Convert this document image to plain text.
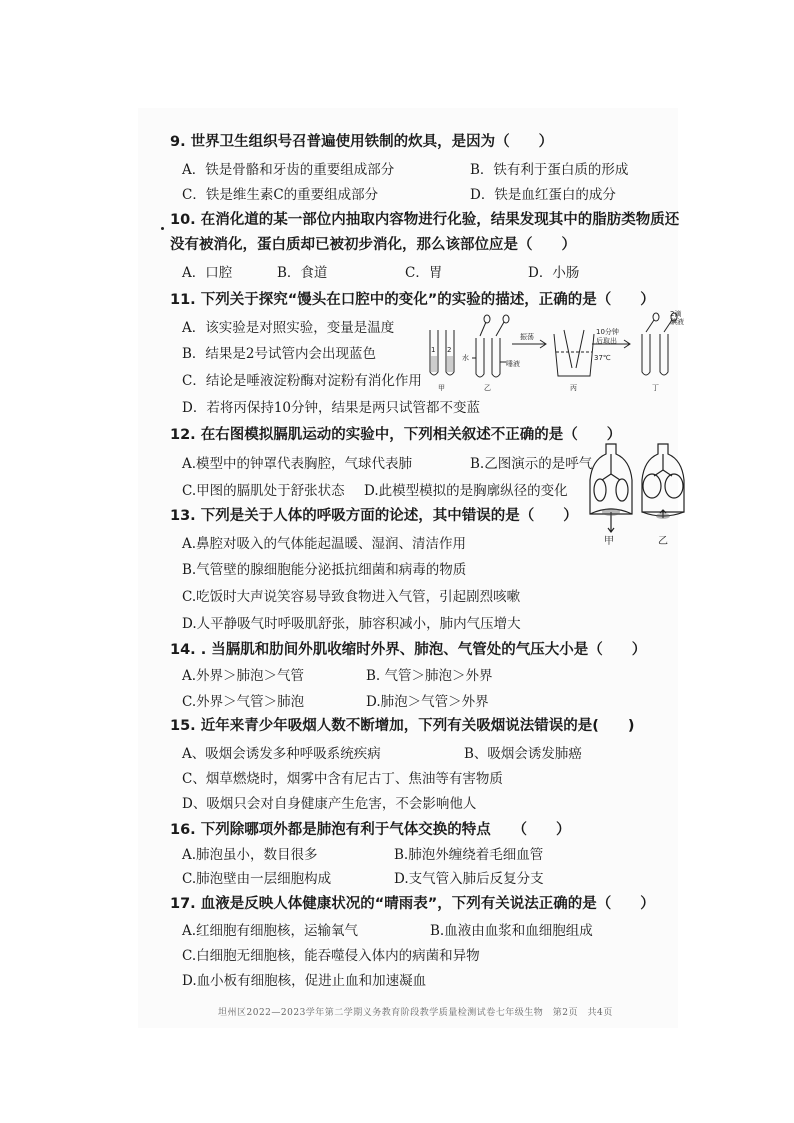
9. 世界卫生组织号召普遍使用铁制的炊具，是因为（　　）
A．铁是骨骼和牙齿的重要组成部分	B．铁有利于蛋白质的形成
C．铁是维生素C的重要组成部分	D．铁是血红蛋白的成分
10. 在消化道的某一部位内抽取内容物进行化验，结果发现其中的脂肪类物质还
没有被消化，蛋白质却已被初步消化，那么该部位应是（　　）
A．口腔	B．食道	C．胃	D．小肠
11. 下列关于探究“馒头在口腔中的变化”的实验的描述，正确的是（　　）
A．该实验是对照实验，变量是温度
B．结果是2号试管内会出现蓝色
C．结论是唾液淀粉酶对淀粉有消化作用
D．若将丙保持10分钟，结果是两只试管都不变蓝
1 2
水
唾液
振荡
10分钟
后取出
37℃
2滴
碘液
甲	乙	丙	丁
12. 在右图模拟膈肌运动的实验中，下列相关叙述不正确的是（　　）
A.模型中的钟罩代表胸腔，气球代表肺	B.乙图演示的是呼气
C.甲图的膈肌处于舒张状态 D.此模型模拟的是胸廓纵径的变化
甲	乙
13. 下列是关于人体的呼吸方面的论述，其中错误的是（　　）
A.鼻腔对吸入的气体能起温暖、湿润、清洁作用
B.气管壁的腺细胞能分泌抵抗细菌和病毒的物质
C.吃饭时大声说笑容易导致食物进入气管，引起剧烈咳嗽
D.人平静吸气时呼吸肌舒张，肺容积减小，肺内气压增大
14. . 当膈肌和肋间外肌收缩时外界、肺泡、气管处的气压大小是（　　）
A.外界＞肺泡＞气管	B. 气管＞肺泡＞外界
C.外界＞气管＞肺泡	D.肺泡＞气管＞外界
15. 近年来青少年吸烟人数不断增加，下列有关吸烟说法错误的是(　　)
A、吸烟会诱发多种呼吸系统疾病	B、吸烟会诱发肺癌
C、烟草燃烧时，烟雾中含有尼古丁、焦油等有害物质
D、吸烟只会对自身健康产生危害，不会影响他人
16. 下列除哪项外都是肺泡有利于气体交换的特点　　（　　）
A.肺泡虽小，数目很多	B.肺泡外缠绕着毛细血管
C.肺泡壁由一层细胞构成	D.支气管入肺后反复分支
17. 血液是反映人体健康状况的“晴雨表”，下列有关说法正确的是（　　）
A.红细胞有细胞核，运输氧气	B.血液由血浆和血细胞组成
C.白细胞无细胞核，能吞噬侵入体内的病菌和异物
D.血小板有细胞核，促进止血和加速凝血
坦州区2022—2023学年第二学期义务教育阶段教学质量检测试卷七年级生物　第2页　共4页
